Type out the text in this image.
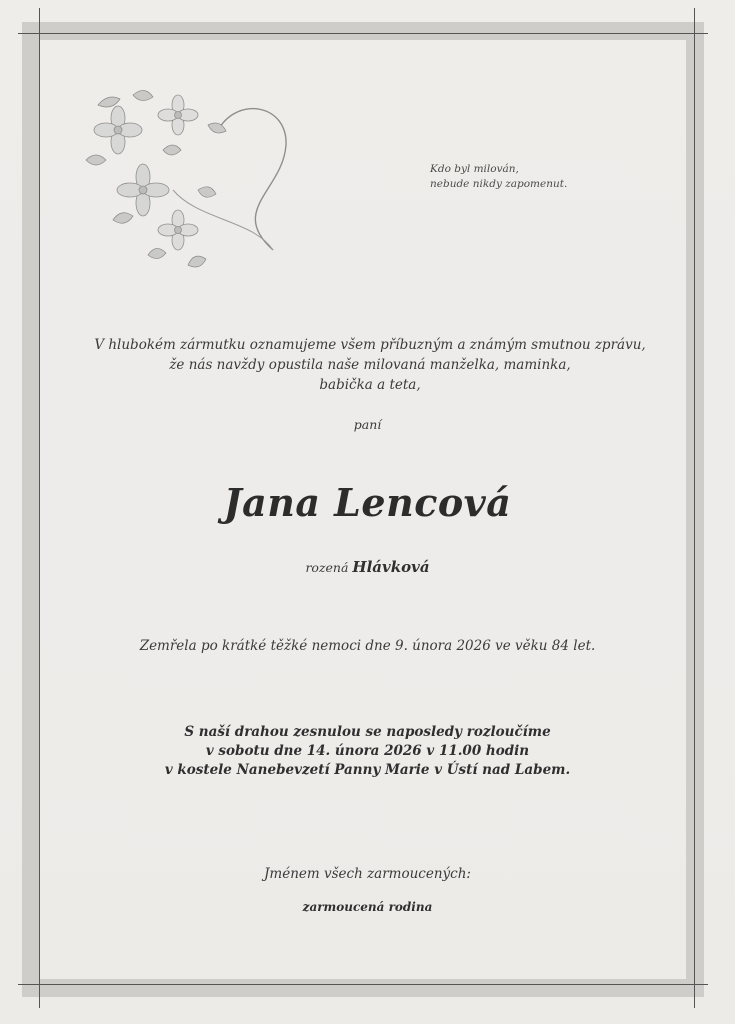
Kdo byl milován,
nebude nikdy zapomenut.
V hlubokém zármutku oznamujeme všem příbuzným a známým smutnou zprávu,
že nás navždy opustila naše milovaná manželka, maminka,
babička a teta,
paní
Jana Lencová
rozená Hlávková
Zemřela po krátké těžké nemoci dne 9. února 2026 ve věku 84 let.
S naší drahou zesnulou se naposledy rozloučíme
v sobotu dne 14. února 2026 v 11.00 hodin
v kostele Nanebevzetí Panny Marie v Ústí nad Labem.
Jménem všech zarmoucených:
zarmoucená rodina
